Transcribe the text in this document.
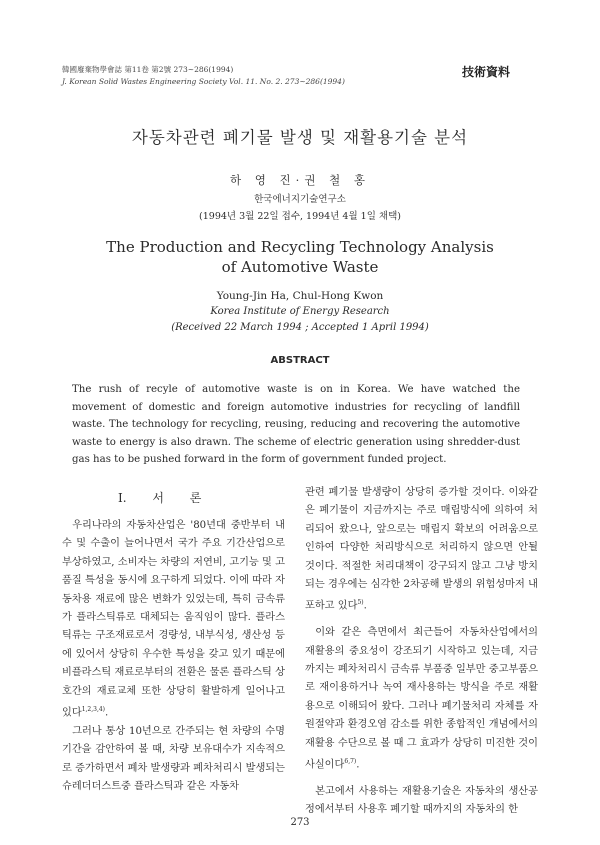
韓國廢棄物學會誌 第11卷 第2號 273~286(1994)
J. Korean Solid Wastes Engineering Society Vol. 11. No. 2. 273~286(1994)
技術資料
자동차관련 폐기물 발생 및 재활용기술 분석
하 영 진·권 철 홍
한국에너지기술연구소
(1994년 3월 22일 접수, 1994년 4월 1일 채택)
The Production and Recycling Technology Analysis
of Automotive Waste
Young-Jin Ha, Chul-Hong Kwon
Korea Institute of Energy Research
(Received 22 March 1994 ; Accepted 1 April 1994)
ABSTRACT

The rush of recyle of automotive waste is on in Korea. We have watched the movement of domestic and foreign automotive industries for recycling of landfill waste. The technology for recycling, reusing, reducing and recovering the automotive waste to energy is also drawn. The scheme of electric generation using shredder-dust gas has to be pushed forward in the form of government funded project.

I. 서 론

우리나라의 자동차산업은 '80년대 중반부터 내수 및 수출이 늘어나면서 국가 주요 기간산업으로 부상하였고, 소비자는 차량의 저연비, 고기능 및 고품질 특성을 동시에 요구하게 되었다. 이에 따라 자동차용 재료에 많은 변화가 있었는데, 특히 금속류가 플라스틱류로 대체되는 움직임이 많다. 플라스틱류는 구조재료로서 경량성, 내부식성, 생산성 등에 있어서 상당히 우수한 특성을 갖고 있기 때문에 비플라스틱 재료로부터의 전환은 물론 플라스틱 상호간의 재료교체 또한 상당히 활발하게 일어나고 있다$^{1,2,3,4)}$.

그러나 통상 10년으로 간주되는 현 차량의 수명기간을 감안하여 볼 때, 차량 보유대수가 지속적으로 증가하면서 폐차 발생량과 폐차처리시 발생되는 슈레더더스트중 플라스틱과 같은 자동차

관련 폐기물 발생량이 상당히 증가할 것이다. 이와같은 폐기물이 지금까지는 주로 매립방식에 의하여 처리되어 왔으나, 앞으로는 매립지 확보의 어려움으로 인하여 다양한 처리방식으로 처리하지 않으면 안될 것이다. 적절한 처리대책이 강구되지 않고 그냥 방치되는 경우에는 심각한 2차공해 발생의 위험성마저 내포하고 있다$^{5)}$.

이와 같은 측면에서 최근들어 자동차산업에서의 재활용의 중요성이 강조되기 시작하고 있는데, 지금까지는 폐차처리시 금속류 부품중 일부만 중고부품으로 재이용하거나 녹여 재사용하는 방식을 주로 재활용으로 이해되어 왔다. 그러나 폐기물처리 자체를 자원절약과 환경오염 감소를 위한 종합적인 개념에서의 재활용 수단으로 볼 때 그 효과가 상당히 미진한 것이 사실이다$^{6,7)}$.

본고에서 사용하는 재활용기술은 자동차의 생산공정에서부터 사용후 폐기할 때까지의 자동차의 한

273
